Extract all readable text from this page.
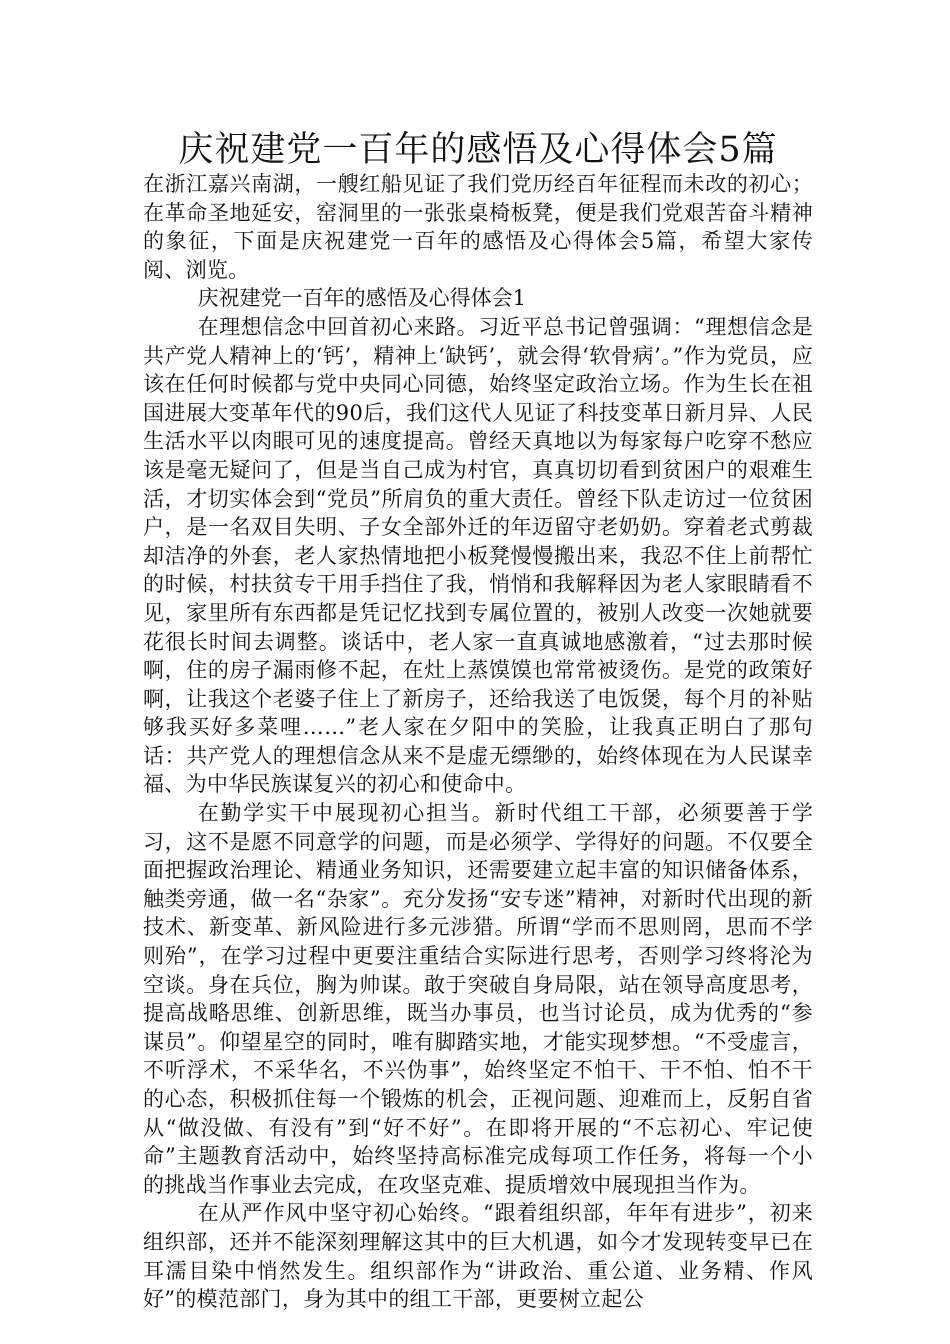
庆祝建党一百年的感悟及心得体会5篇

在浙江嘉兴南湖，一艘红船见证了我们党历经百年征程而未改的初心；在革命圣地延安，窑洞里的一张张桌椅板凳，便是我们党艰苦奋斗精神的象征，下面是庆祝建党一百年的感悟及心得体会5篇，希望大家传阅、浏览。

庆祝建党一百年的感悟及心得体会1

在理想信念中回首初心来路。习近平总书记曾强调：“理想信念是共产党人精神上的‘钙’，精神上‘缺钙’，就会得‘软骨病’。”作为党员，应该在任何时候都与党中央同心同德，始终坚定政治立场。作为生长在祖国进展大变革年代的90后，我们这代人见证了科技变革日新月异、人民生活水平以肉眼可见的速度提高。曾经天真地以为每家每户吃穿不愁应该是毫无疑问了，但是当自己成为村官，真真切切看到贫困户的艰难生活，才切实体会到“党员”所肩负的重大责任。曾经下队走访过一位贫困户，是一名双目失明、子女全部外迁的年迈留守老奶奶。穿着老式剪裁却洁净的外套，老人家热情地把小板凳慢慢搬出来，我忍不住上前帮忙的时候，村扶贫专干用手挡住了我，悄悄和我解释因为老人家眼睛看不见，家里所有东西都是凭记忆找到专属位置的，被别人改变一次她就要花很长时间去调整。谈话中，老人家一直真诚地感激着，“过去那时候啊，住的房子漏雨修不起，在灶上蒸馍馍也常常被烫伤。是党的政策好啊，让我这个老婆子住上了新房子，还给我送了电饭煲，每个月的补贴够我买好多菜哩……”老人家在夕阳中的笑脸，让我真正明白了那句话：共产党人的理想信念从来不是虚无缥缈的，始终体现在为人民谋幸福、为中华民族谋复兴的初心和使命中。

在勤学实干中展现初心担当。新时代组工干部，必须要善于学习，这不是愿不同意学的问题，而是必须学、学得好的问题。不仅要全面把握政治理论、精通业务知识，还需要建立起丰富的知识储备体系，触类旁通，做一名“杂家”。充分发扬“安专迷”精神，对新时代出现的新技术、新变革、新风险进行多元涉猎。所谓“学而不思则罔，思而不学则殆”，在学习过程中更要注重结合实际进行思考，否则学习终将沦为空谈。身在兵位，胸为帅谋。敢于突破自身局限，站在领导高度思考，提高战略思维、创新思维，既当办事员，也当讨论员，成为优秀的“参谋员”。仰望星空的同时，唯有脚踏实地，才能实现梦想。“不受虚言，不听浮术，不采华名，不兴伪事”，始终坚定不怕干、干不怕、怕不干的心态，积极抓住每一个锻炼的机会，正视问题、迎难而上，反躬自省从“做没做、有没有”到“好不好”。在即将开展的“不忘初心、牢记使命”主题教育活动中，始终坚持高标准完成每项工作任务，将每一个小的挑战当作事业去完成，在攻坚克难、提质增效中展现担当作为。

在从严作风中坚守初心始终。“跟着组织部，年年有进步”，初来组织部，还并不能深刻理解这其中的巨大机遇，如今才发现转变早已在耳濡目染中悄然发生。组织部作为“讲政治、重公道、业务精、作风好”的模范部门，身为其中的组工干部，更要树立起公
